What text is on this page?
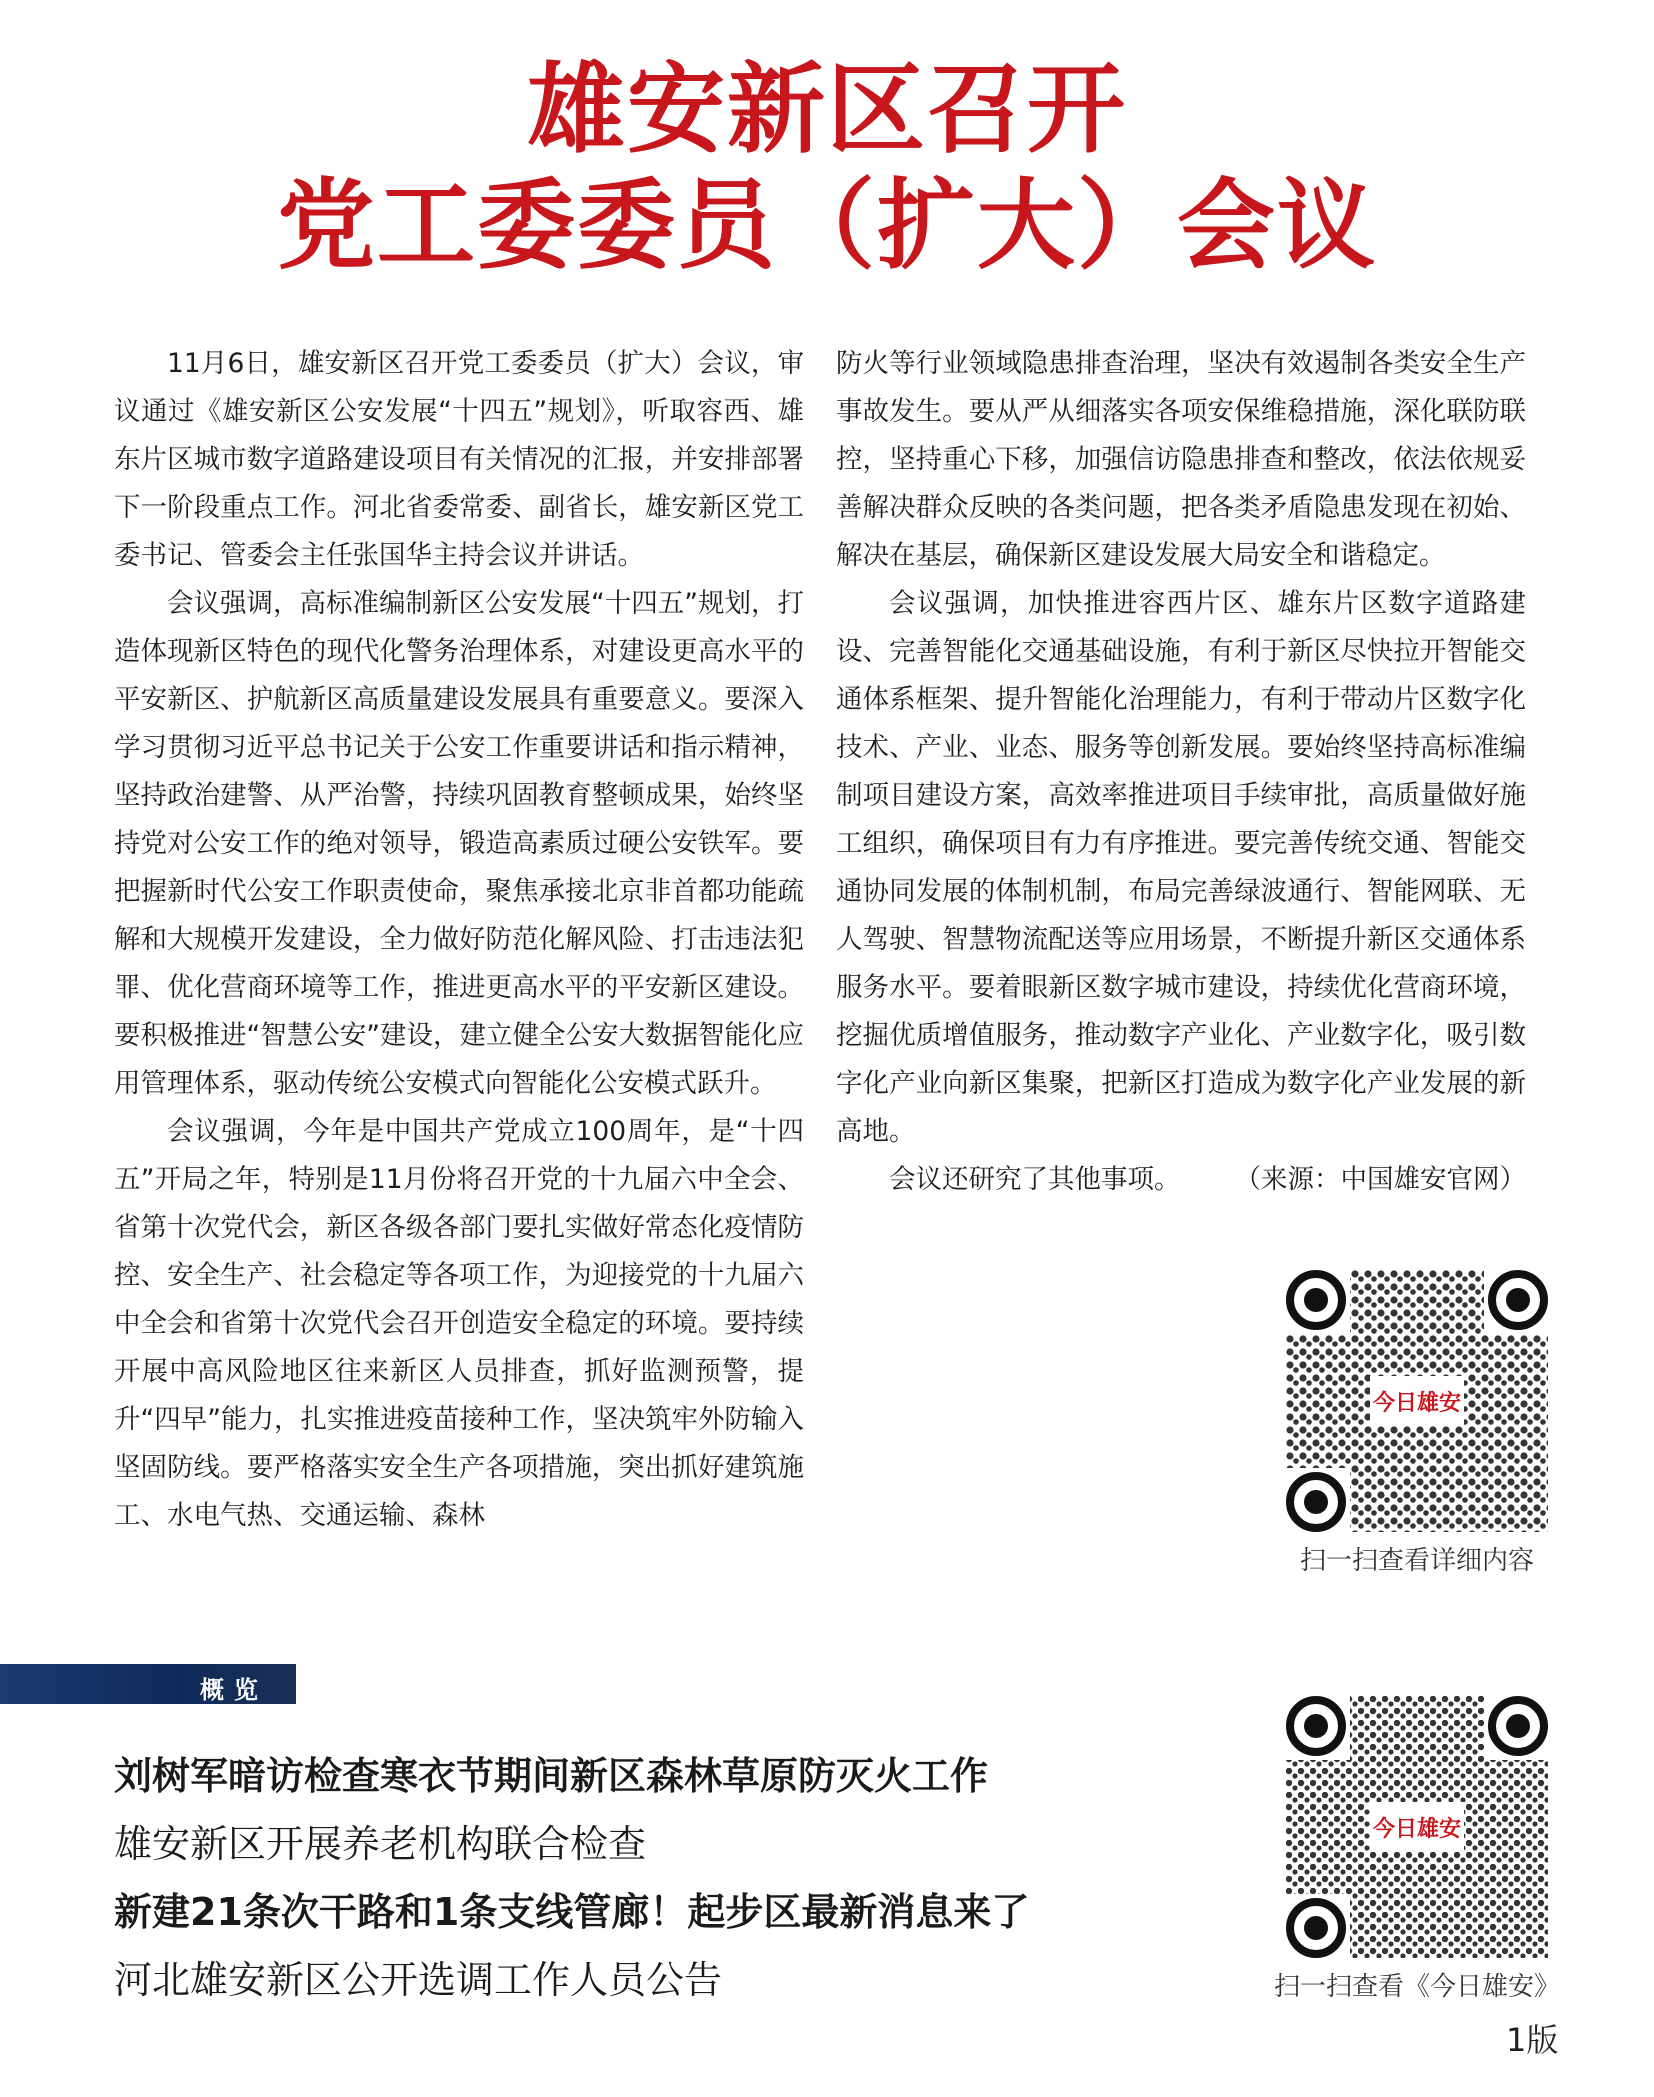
雄安新区召开
党工委委员（扩大）会议

11月6日，雄安新区召开党工委委员（扩大）会议，审议通过《雄安新区公安发展“十四五”规划》，听取容西、雄东片区城市数字道路建设项目有关情况的汇报，并安排部署下一阶段重点工作。河北省委常委、副省长，雄安新区党工委书记、管委会主任张国华主持会议并讲话。

会议强调，高标准编制新区公安发展“十四五”规划，打造体现新区特色的现代化警务治理体系，对建设更高水平的平安新区、护航新区高质量建设发展具有重要意义。要深入学习贯彻习近平总书记关于公安工作重要讲话和指示精神，坚持政治建警、从严治警，持续巩固教育整顿成果，始终坚持党对公安工作的绝对领导，锻造高素质过硬公安铁军。要把握新时代公安工作职责使命，聚焦承接北京非首都功能疏解和大规模开发建设，全力做好防范化解风险、打击违法犯罪、优化营商环境等工作，推进更高水平的平安新区建设。要积极推进“智慧公安”建设，建立健全公安大数据智能化应用管理体系，驱动传统公安模式向智能化公安模式跃升。

会议强调，今年是中国共产党成立100周年，是“十四五”开局之年，特别是11月份将召开党的十九届六中全会、省第十次党代会，新区各级各部门要扎实做好常态化疫情防控、安全生产、社会稳定等各项工作，为迎接党的十九届六中全会和省第十次党代会召开创造安全稳定的环境。要持续开展中高风险地区往来新区人员排查，抓好监测预警，提升“四早”能力，扎实推进疫苗接种工作，坚决筑牢外防输入坚固防线。要严格落实安全生产各项措施，突出抓好建筑施工、水电气热、交通运输、森林

防火等行业领域隐患排查治理，坚决有效遏制各类安全生产事故发生。要从严从细落实各项安保维稳措施，深化联防联控，坚持重心下移，加强信访隐患排查和整改，依法依规妥善解决群众反映的各类问题，把各类矛盾隐患发现在初始、解决在基层，确保新区建设发展大局安全和谐稳定。

会议强调，加快推进容西片区、雄东片区数字道路建设、完善智能化交通基础设施，有利于新区尽快拉开智能交通体系框架、提升智能化治理能力，有利于带动片区数字化技术、产业、业态、服务等创新发展。要始终坚持高标准编制项目建设方案，高效率推进项目手续审批，高质量做好施工组织，确保项目有力有序推进。要完善传统交通、智能交通协同发展的体制机制，布局完善绿波通行、智能网联、无人驾驶、智慧物流配送等应用场景，不断提升新区交通体系服务水平。要着眼新区数字城市建设，持续优化营商环境，挖掘优质增值服务，推动数字产业化、产业数字化，吸引数字化产业向新区集聚，把新区打造成为数字化产业发展的新高地。

会议还研究了其他事项。 （来源：中国雄安官网）

今日雄安
扫一扫查看详细内容
概览
刘树军暗访检查寒衣节期间新区森林草原防灭火工作
雄安新区开展养老机构联合检查
新建21条次干路和1条支线管廊！起步区最新消息来了
河北雄安新区公开选调工作人员公告
今日雄安
扫一扫查看《今日雄安》
1版
